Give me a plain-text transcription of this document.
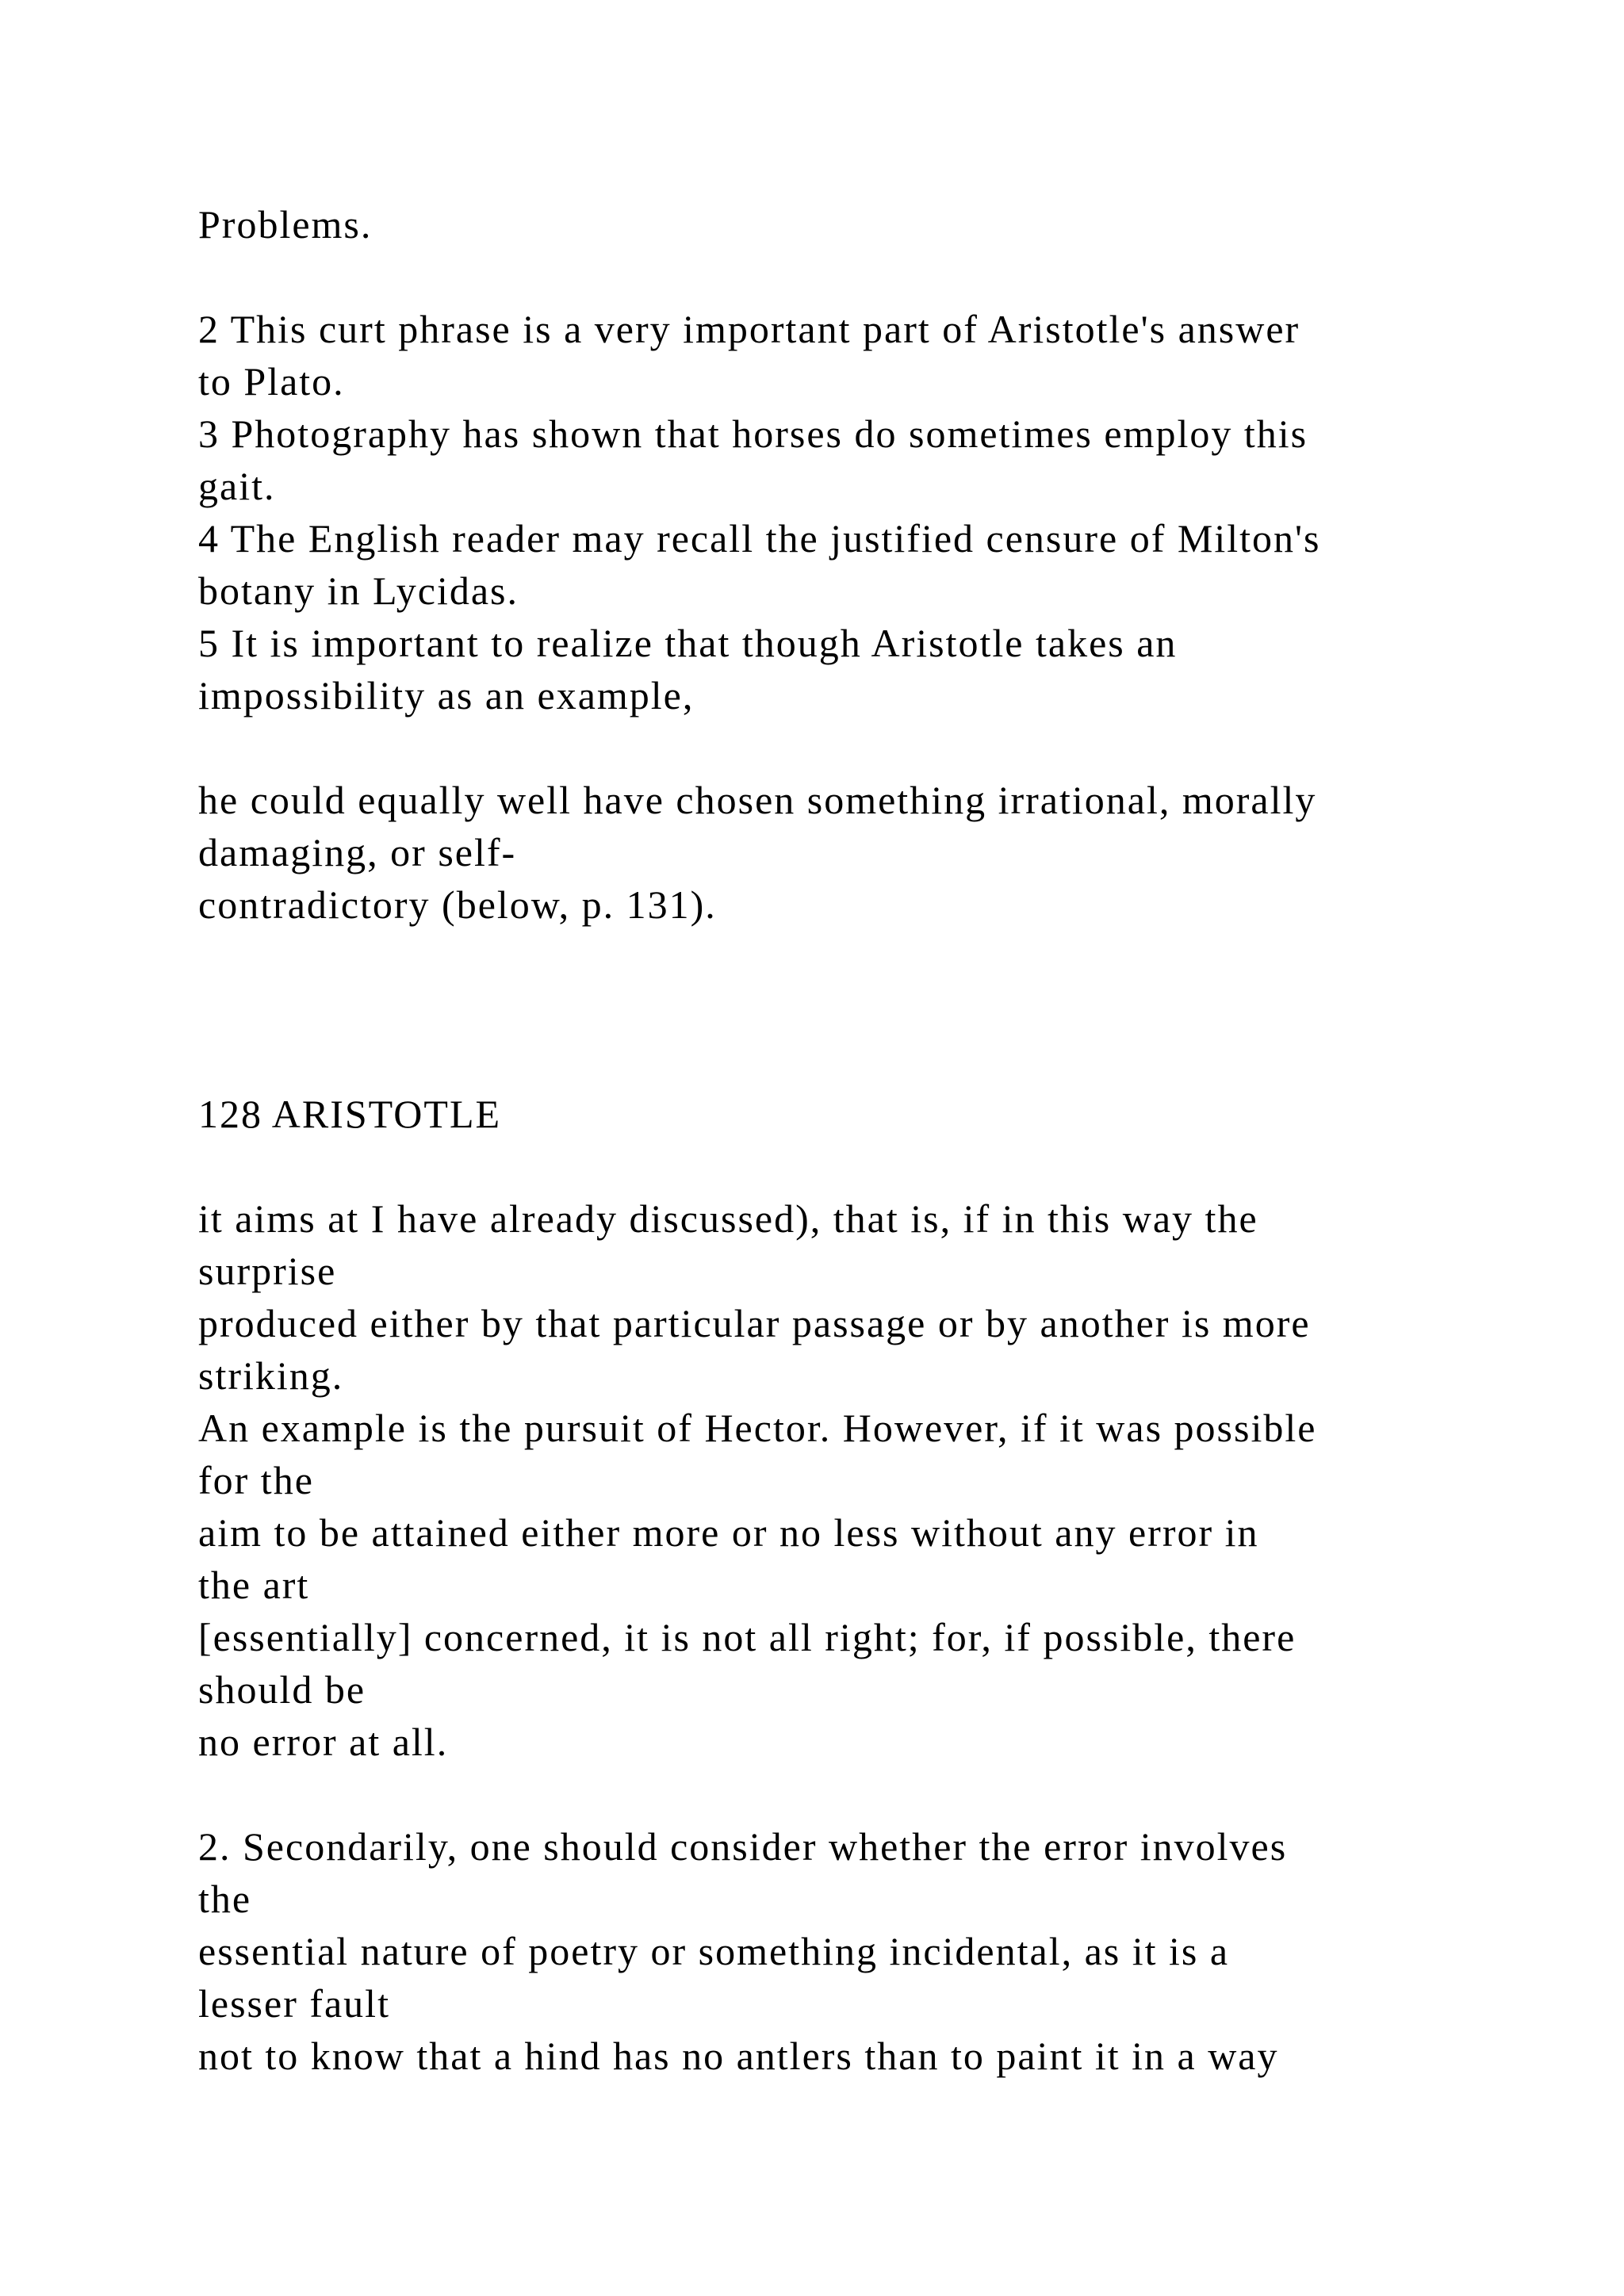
Problems.
2 This curt phrase is a very important part of Aristotle's answer
to Plato.
3 Photography has shown that horses do sometimes employ this
gait.
4 The English reader may recall the justified censure of Milton's
botany in Lycidas.
5 It is important to realize that though Aristotle takes an
impossibility as an example,
he could equally well have chosen something irrational, morally
damaging, or self-
contradictory (below, p. 131).
128 ARISTOTLE
it aims at I have already discussed), that is, if in this way the
surprise
produced either by that particular passage or by another is more
striking.
An example is the pursuit of Hector. However, if it was possible
for the
aim to be attained either more or no less without any error in
the art
[essentially] concerned, it is not all right; for, if possible, there
should be
no error at all.
2. Secondarily, one should consider whether the error involves
the
essential nature of poetry or something incidental, as it is a
lesser fault
not to know that a hind has no antlers than to paint it in a way
